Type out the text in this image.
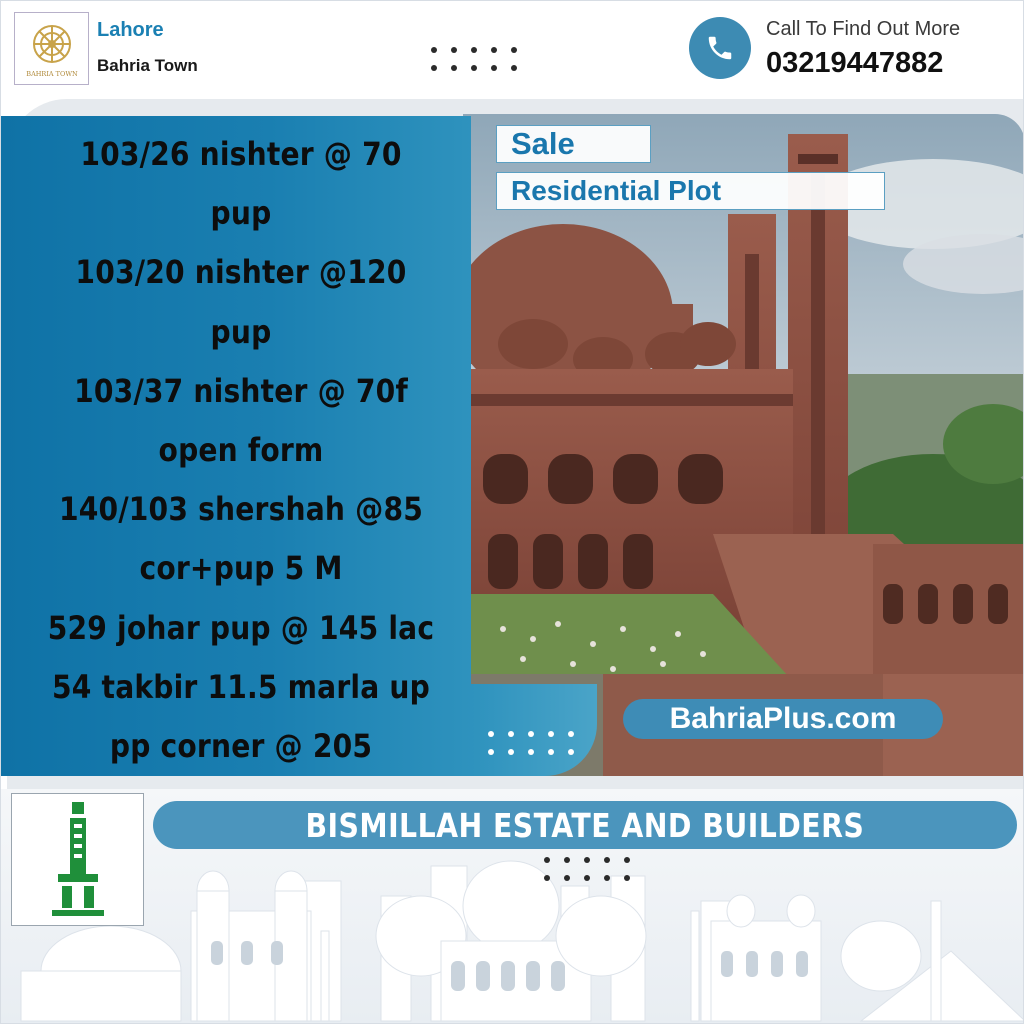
BAHRIA TOWN
Lahore
Bahria Town
Call To Find Out More
03219447882
103/26 nishter @ 70
pup
103/20 nishter @120
pup
103/37 nishter @ 70f
open form
140/103 shershah @85
cor+pup 5 M
529 johar pup @ 145 lac
54 takbir 11.5 marla up
pp corner @ 205
Sale
Residential Plot
BahriaPlus.com
BISMILLAH ESTATE AND BUILDERS
